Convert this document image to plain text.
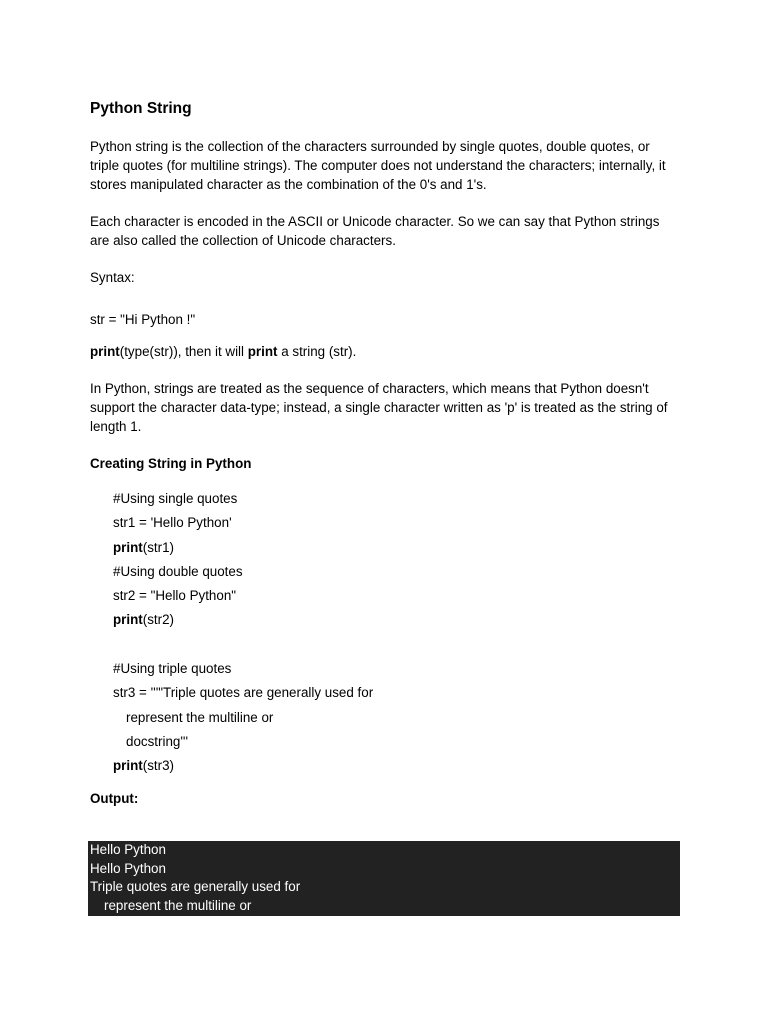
Python String

Python string is the collection of the characters surrounded by single quotes, double quotes, or triple quotes (for multiline strings). The computer does not understand the characters; internally, it stores manipulated character as the combination of the 0's and 1's.

Each character is encoded in the ASCII or Unicode character. So we can say that Python strings are also called the collection of Unicode characters.

Syntax:

str = "Hi Python !"

print(type(str)), then it will print a string (str).

In Python, strings are treated as the sequence of characters, which means that Python doesn't support the character data-type; instead, a single character written as 'p' is treated as the string of length 1.

Creating String in Python
#Using single quotes
str1 = 'Hello Python'
print(str1)
#Using double quotes
str2 = "Hello Python"
print(str2)
#Using triple quotes
str3 = '''"Triple quotes are generally used for
represent the multiline or
docstring'''
print(str3)
Output:
Hello Python
Hello Python
Triple quotes are generally used for
represent the multiline or
